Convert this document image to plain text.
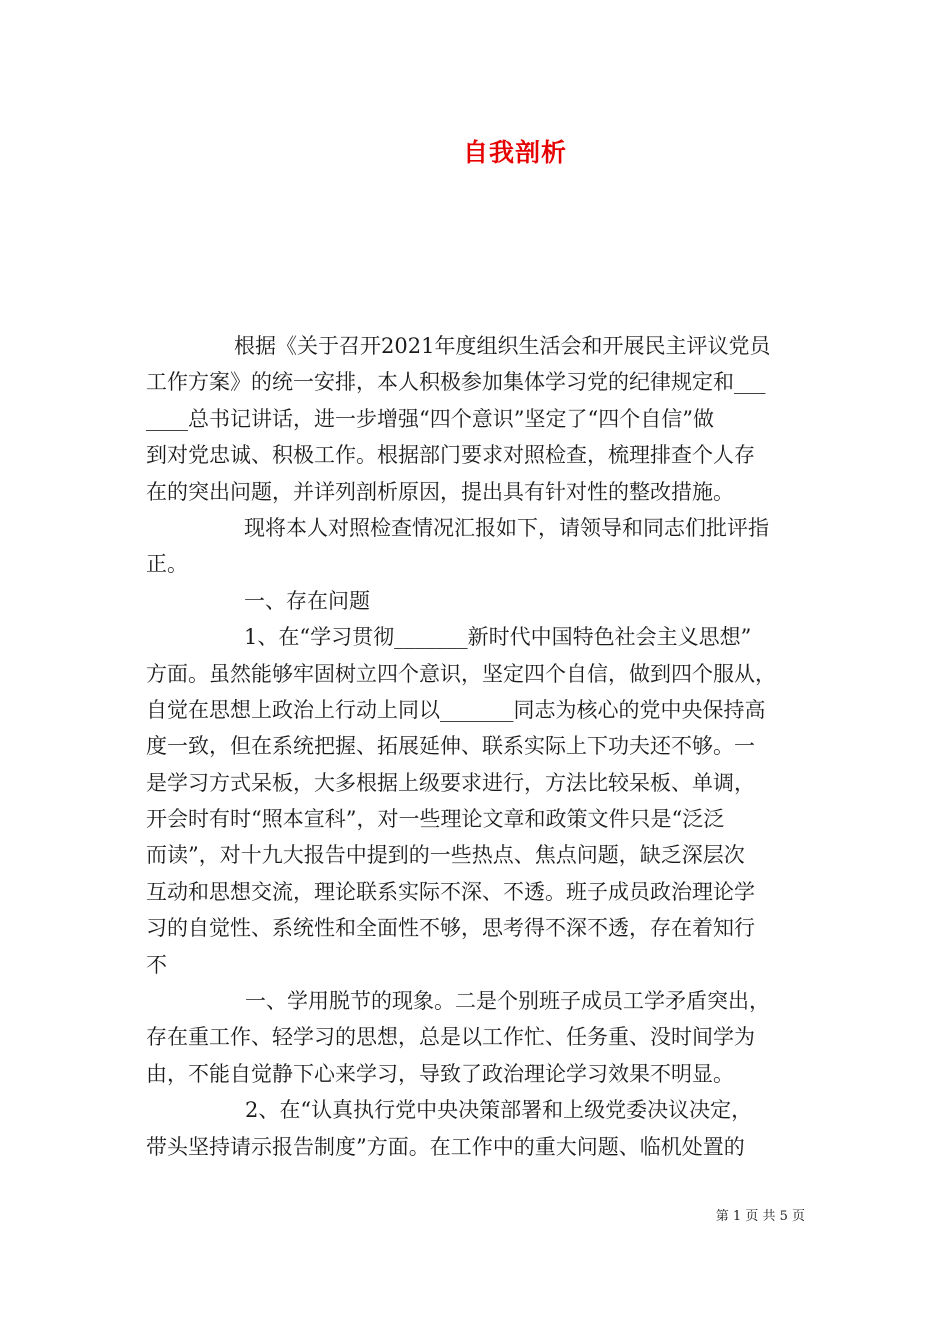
自我剖析
根据《关于召开2021年度组织生活会和开展民主评议党员
工作方案》的统一安排，本人积极参加集体学习党的纪律规定和___
____总书记讲话，进一步增强“四个意识”坚定了“四个自信”做
到对党忠诚、积极工作。根据部门要求对照检查，梳理排查个人存
在的突出问题，并详列剖析原因，提出具有针对性的整改措施。
现将本人对照检查情况汇报如下，请领导和同志们批评指
正。
一、存在问题
1、在“学习贯彻_______新时代中国特色社会主义思想”
方面。虽然能够牢固树立四个意识，坚定四个自信，做到四个服从，
自觉在思想上政治上行动上同以_______同志为核心的党中央保持高
度一致，但在系统把握、拓展延伸、联系实际上下功夫还不够。一
是学习方式呆板，大多根据上级要求进行，方法比较呆板、单调，
开会时有时“照本宣科”，对一些理论文章和政策文件只是“泛泛
而读”，对十九大报告中提到的一些热点、焦点问题，缺乏深层次
互动和思想交流，理论联系实际不深、不透。班子成员政治理论学
习的自觉性、系统性和全面性不够，思考得不深不透，存在着知行
不
一、学用脱节的现象。二是个别班子成员工学矛盾突出，
存在重工作、轻学习的思想，总是以工作忙、任务重、没时间学为
由，不能自觉静下心来学习，导致了政治理论学习效果不明显。
2、在“认真执行党中央决策部署和上级党委决议决定，
带头坚持请示报告制度”方面。在工作中的重大问题、临机处置的
第 1 页 共 5 页
